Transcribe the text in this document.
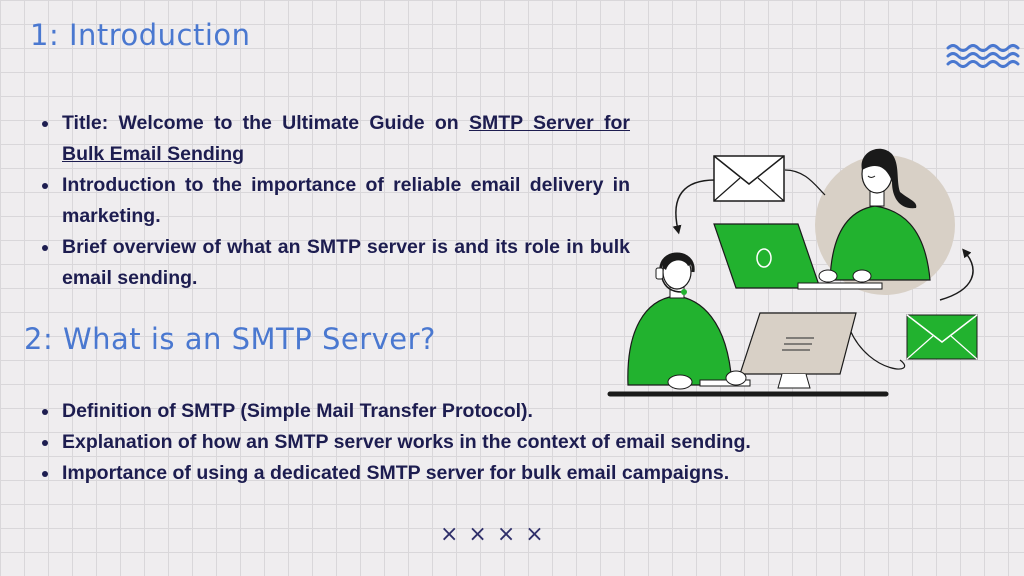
1: Introduction
Title: Welcome to the Ultimate Guide on SMTP Server for Bulk Email Sending
Introduction to the importance of reliable email delivery in marketing.
Brief overview of what an SMTP server is and its role in bulk email sending.
2: What is an SMTP Server?
Definition of SMTP (Simple Mail Transfer Protocol).
Explanation of how an SMTP server works in the context of email sending.
Importance of using a dedicated SMTP server for bulk email campaigns.
××××
